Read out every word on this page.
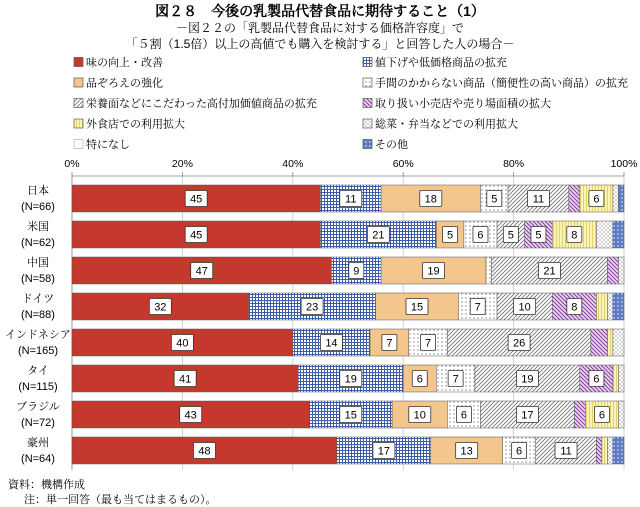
図２８　今後の乳製品代替食品に期待すること（1）
－図２２の「乳製品代替食品に対する価格許容度」で
「５割（1.5倍）以上の高値でも購入を検討する」と回答した人の場合－
味の向上・改善	値下げや低価格商品の拡充
品ぞろえの強化	手間のかからない商品（簡便性の高い商品）の拡充
栄養面などにこだわった高付加価値商品の拡充	取り扱い小売店や売り場面積の拡大
外食店での利用拡大	総菜・弁当などでの利用拡大
特になし	その他
0%	20%	40%	60%	80%	100%
日本
(N=66)
米国
(N=62)
中国
(N=58)
ドイツ
(N=88)
インドネシア
(N=165)
タイ
(N=115)
ブラジル
(N=72)
豪州
(N=64)
45	11	18	5	11	6
45	21	5 6 5 5	8
47	9	19	21
32	23	15	7	10	8
40	14	7	7	26
41	19	6	7	19	6
43	15	10	6	17	6
48	17	13	6	11
資料：機構作成
注：単一回答（最も当てはまるもの）。
